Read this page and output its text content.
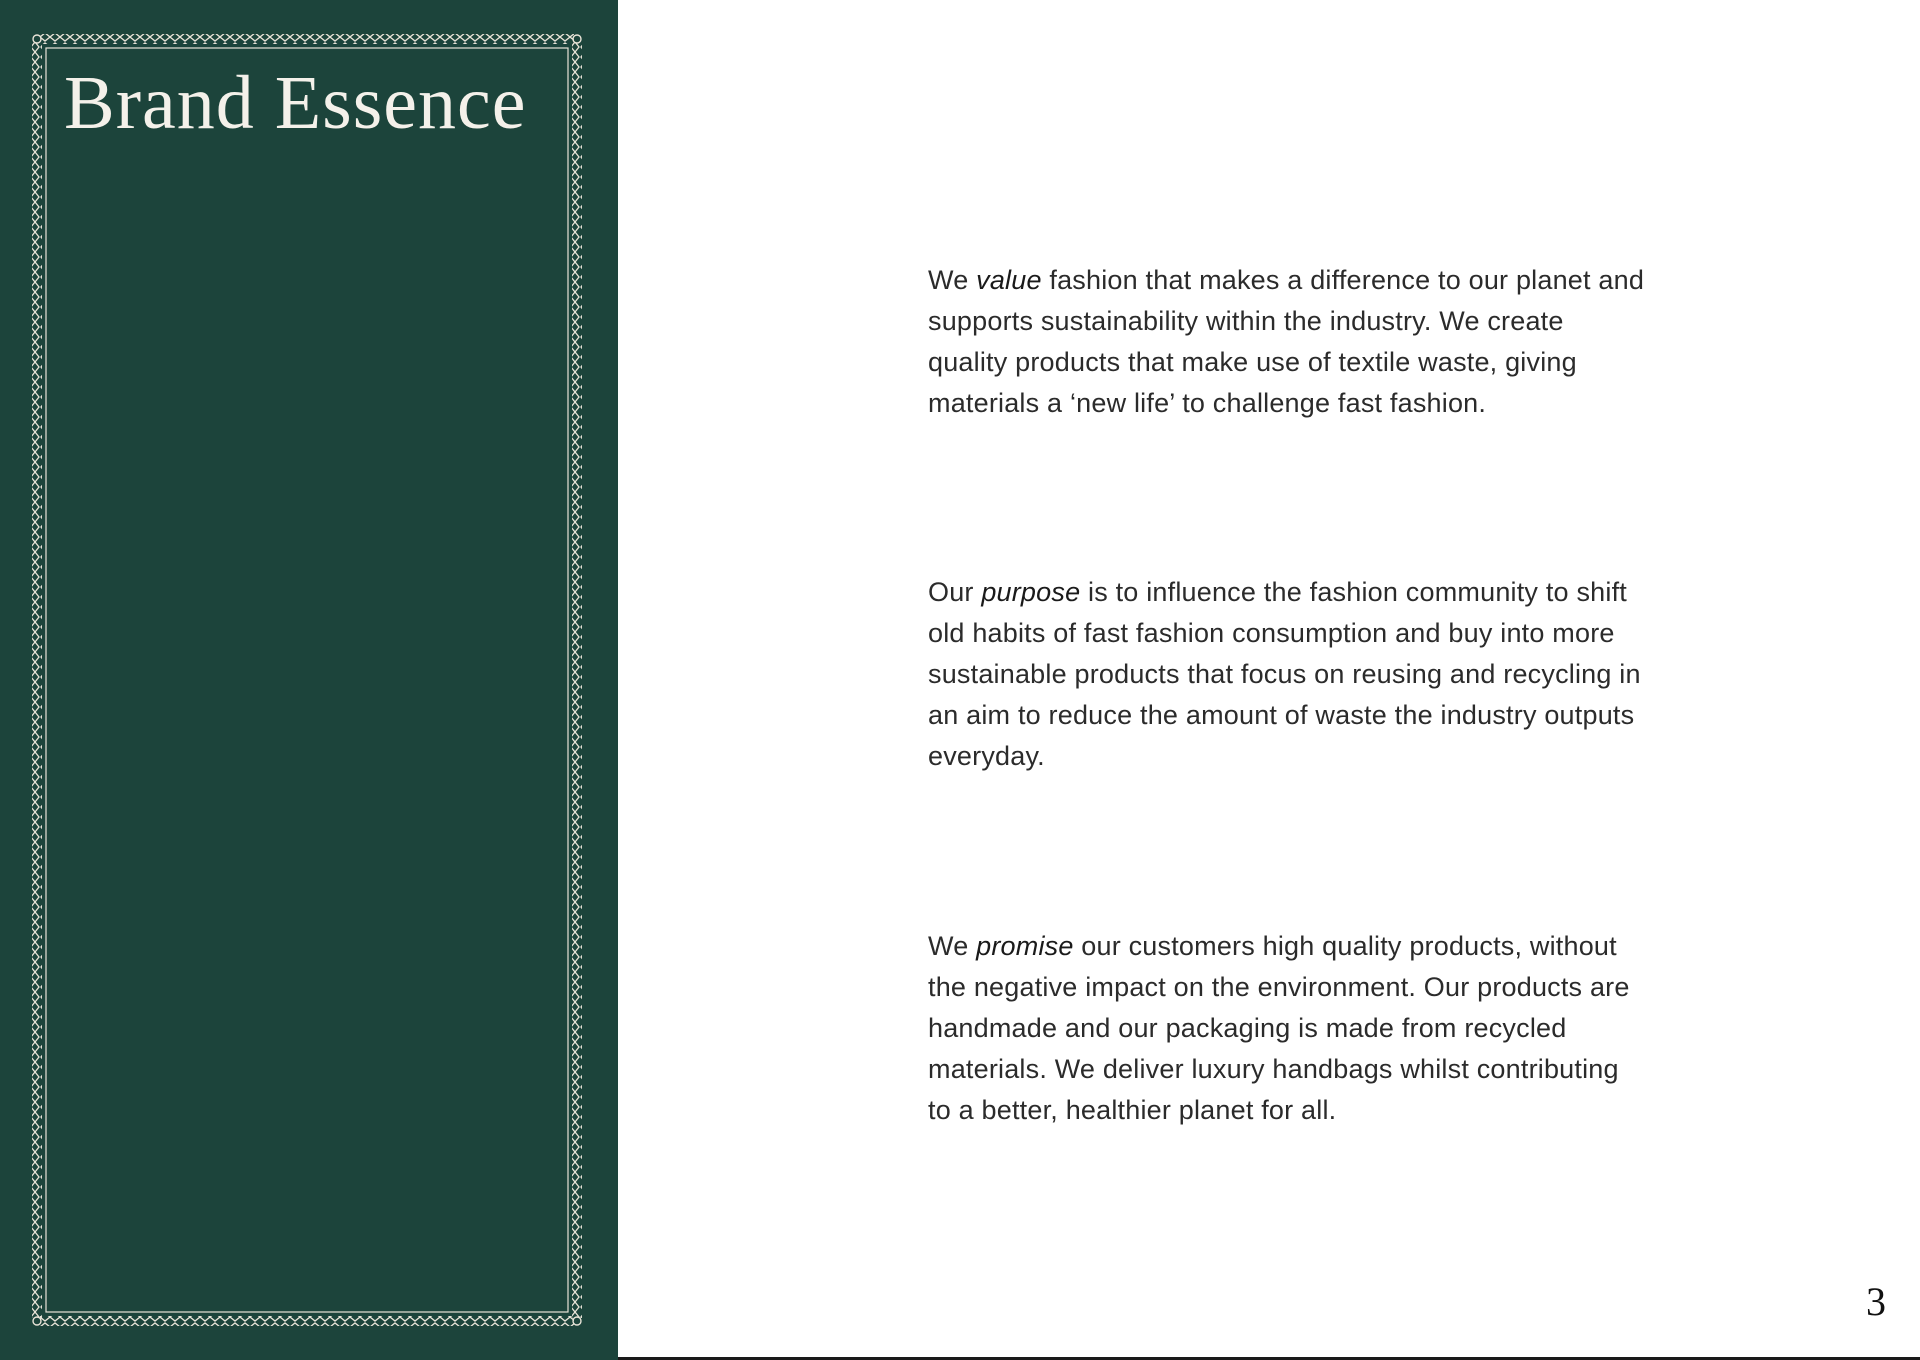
Brand Essence

We value fashion that makes a difference to our planet and supports sustainability within the industry. We create quality products that make use of textile waste, giving materials a ‘new life’ to challenge fast fashion.

Our purpose is to influence the fashion community to shift old habits of fast fashion consumption and buy into more sustainable products that focus on reusing and recycling in an aim to reduce the amount of waste the industry outputs everyday.

We promise our customers high quality products, without the negative impact on the environment. Our products are handmade and our packaging is made from recycled materials. We deliver luxury handbags whilst contributing to a better, healthier planet for all.

3
